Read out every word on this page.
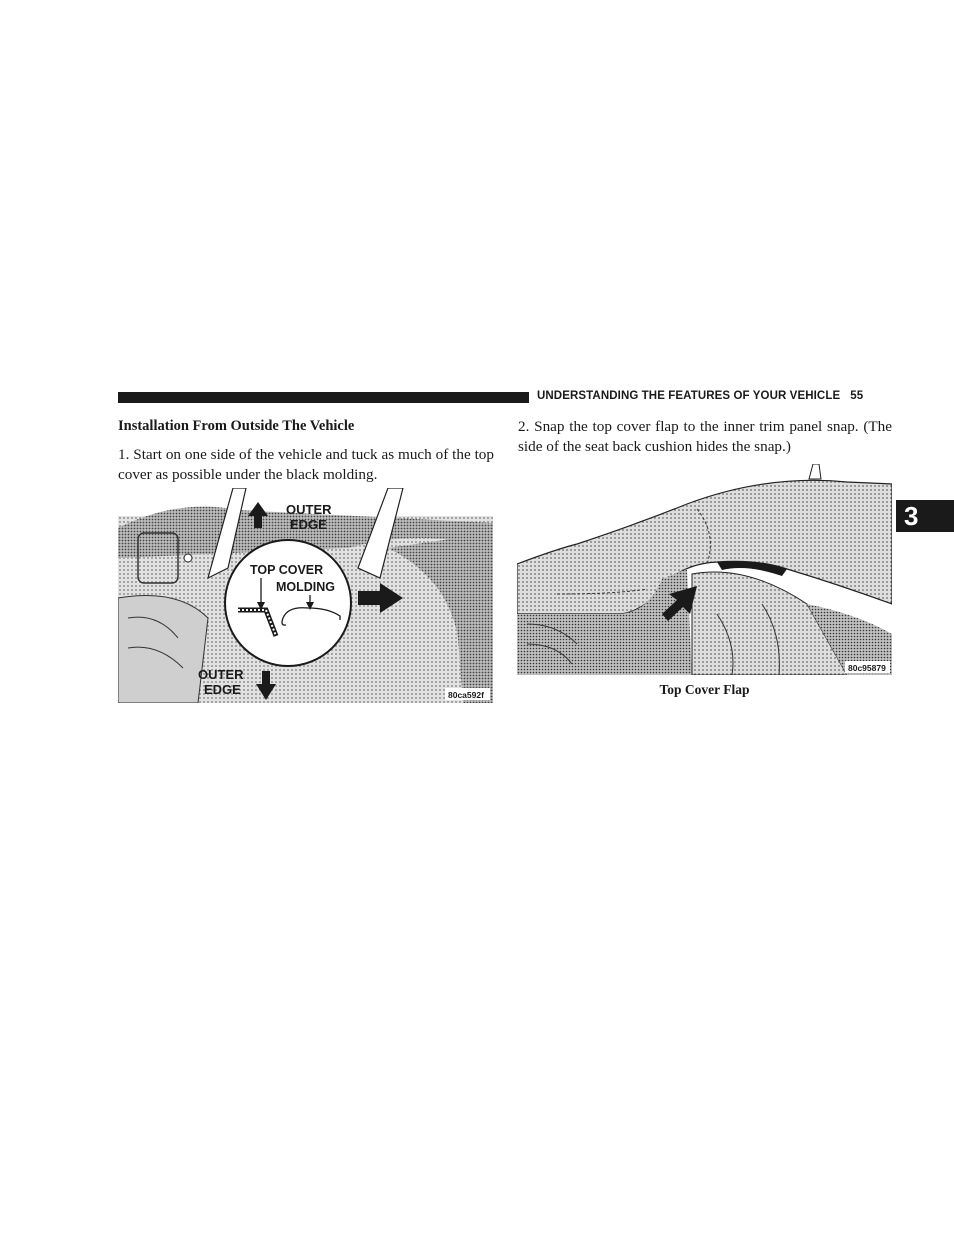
UNDERSTANDING THE FEATURES OF YOUR VEHICLE 55
3
Installation From Outside The Vehicle
1. Start on one side of the vehicle and tuck as much of the top cover as possible under the black molding.
TOP COVER
MOLDING
OUTER
EDGE
OUTER
EDGE	80ca592f
2. Snap the top cover flap to the inner trim panel snap. (The side of the seat back cushion hides the snap.)
80c95879
Top Cover Flap
